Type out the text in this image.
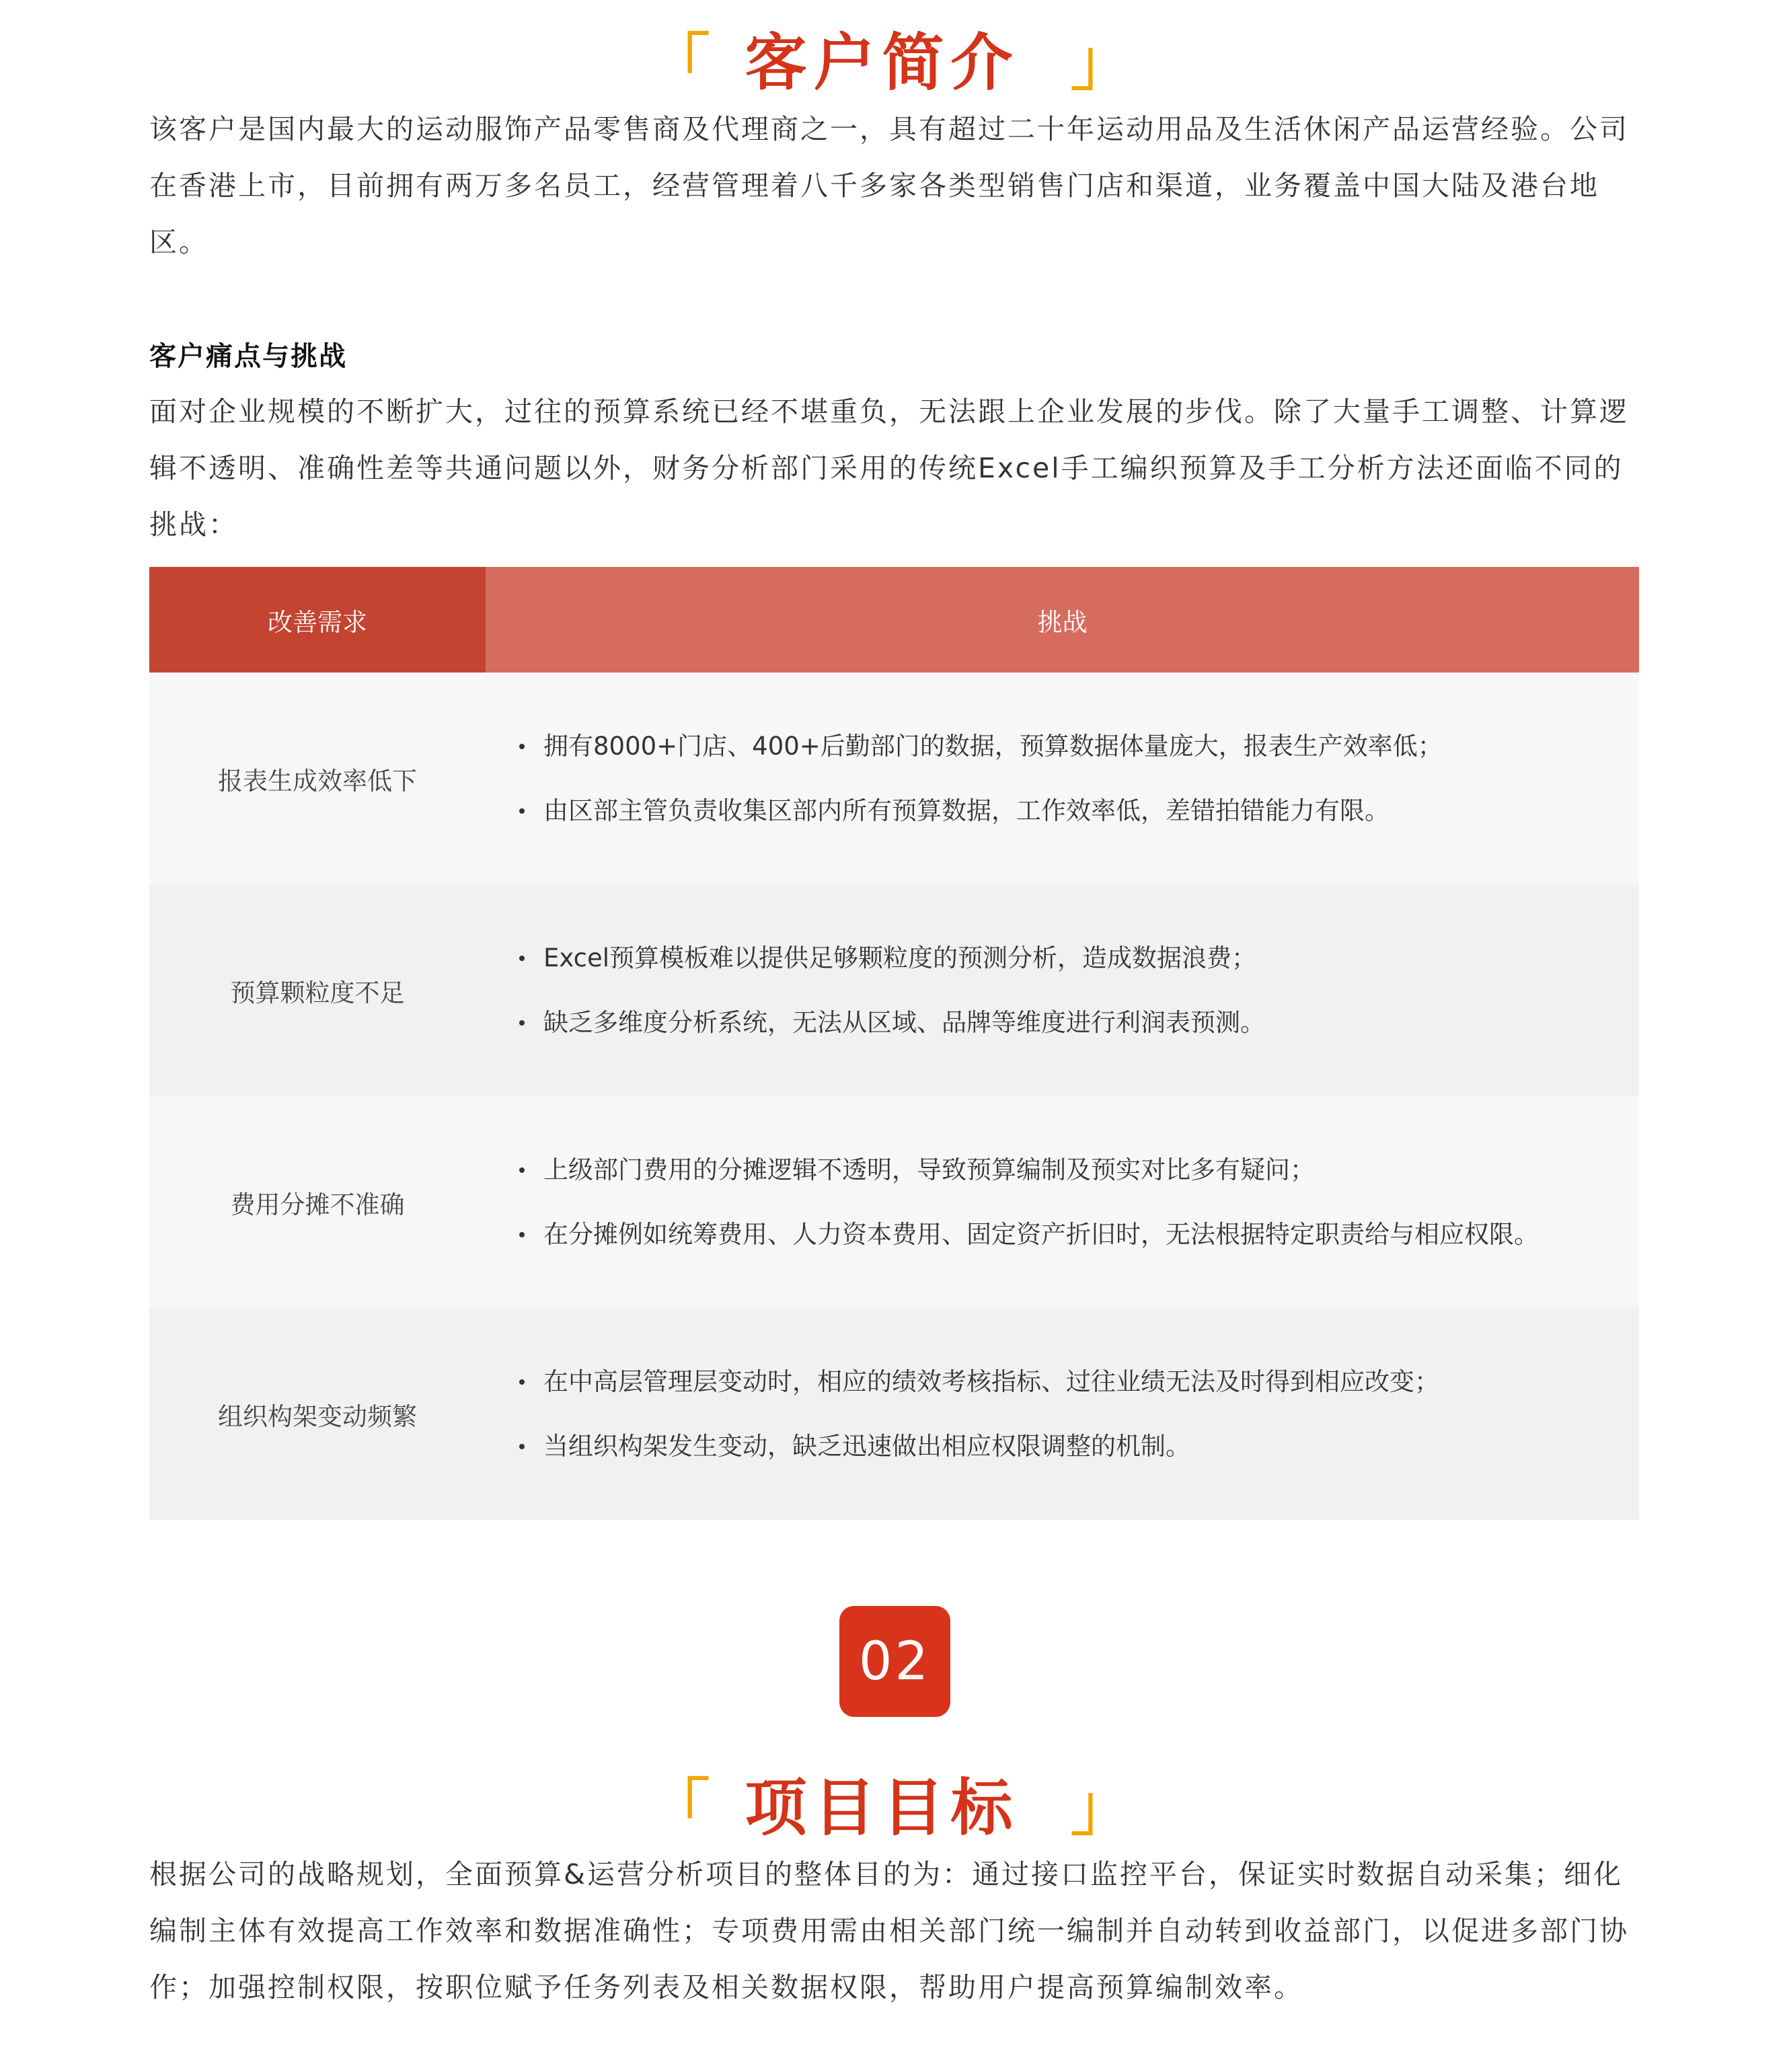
「 客户简介 」

该客户是国内最大的运动服饰产品零售商及代理商之一，具有超过二十年运动用品及生活休闲产品运营经验。公司在香港上市，目前拥有两万多名员工，经营管理着八千多家各类型销售门店和渠道，业务覆盖中国大陆及港台地区。

客户痛点与挑战

面对企业规模的不断扩大，过往的预算系统已经不堪重负，无法跟上企业发展的步伐。除了大量手工调整、计算逻辑不透明、准确性差等共通问题以外，财务分析部门采用的传统Excel手工编织预算及手工分析方法还面临不同的挑战：

改善需求	挑战
报表生成效率低下
拥有8000+门店、400+后勤部门的数据，预算数据体量庞大，报表生产效率低；
由区部主管负责收集区部内所有预算数据，工作效率低，差错拍错能力有限。
预算颗粒度不足
Excel预算模板难以提供足够颗粒度的预测分析，造成数据浪费；
缺乏多维度分析系统，无法从区域、品牌等维度进行利润表预测。
费用分摊不准确
上级部门费用的分摊逻辑不透明，导致预算编制及预实对比多有疑问；
在分摊例如统筹费用、人力资本费用、固定资产折旧时，无法根据特定职责给与相应权限。
组织构架变动频繁
在中高层管理层变动时，相应的绩效考核指标、过往业绩无法及时得到相应改变；
当组织构架发生变动，缺乏迅速做出相应权限调整的机制。
02
「 项目目标 」

根据公司的战略规划，全面预算&运营分析项目的整体目的为：通过接口监控平台，保证实时数据自动采集；细化编制主体有效提高工作效率和数据准确性；专项费用需由相关部门统一编制并自动转到收益部门，以促进多部门协作；加强控制权限，按职位赋予任务列表及相关数据权限，帮助用户提高预算编制效率。
